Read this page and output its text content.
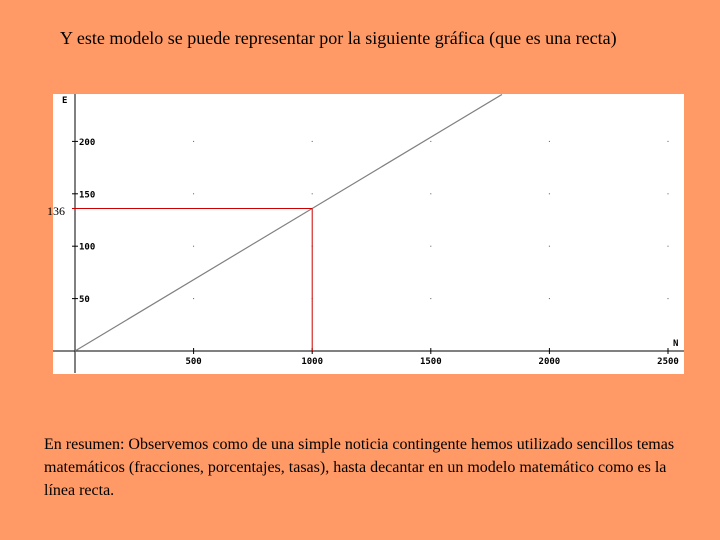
Y este modelo se puede representar por la siguiente gráfica (que es una recta)
500	1000	1500	2000	2500
50
100
150
200
E
N
136
En resumen: Observemos como de una simple noticia contingente hemos utilizado sencillos temas matemáticos (fracciones, porcentajes, tasas), hasta decantar en un modelo matemático como es la línea recta.
